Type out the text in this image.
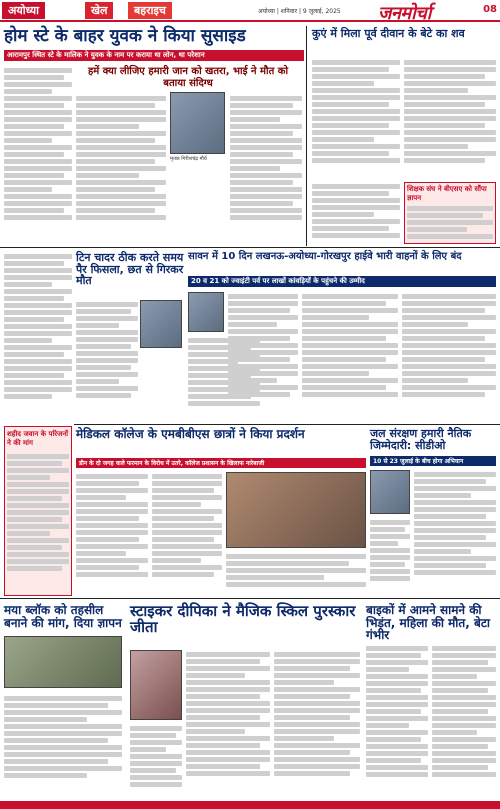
अयोध्या	खेल	बहराइच	अयोध्या | शनिवार | 9 जुलाई, 2025 जनमोर्चा	08
होम स्टे के बाहर युवक ने किया सुसाइड
आरामपुर स्थित स्टे के मालिक ने युवक के नाम पर कराया था लोन, था परेशान
हमें क्या लीजिए हमारी जान को खतरा, भाई ने मौत को बताया संदिग्ध
मृतक गिरीशचंद्र मौर्य
कुएं में मिला पूर्व दीवान के बेटे का शव
शिक्षक संघ ने बीएसए को सौंपा ज्ञापन
टिन चादर ठीक करते समय पैर फिसला, छत से गिरकर मौत
सावन में 10 दिन लखनऊ-अयोध्या-गोरखपुर हाईवे भारी वाहनों के लिए बंद
20 व 21 को ज्वाइंटी पर्व पर लाखों कांवड़ियों के पहुंचने की उम्मीद
मेडिकल कॉलेज के एमबीबीएस छात्रों ने किया प्रदर्शन
डीन के दो जगह वाले फरमान के विरोध में उतरे, कॉलेज प्रशासन के खिलाफ नारेबाजी
जल संरक्षण हमारी नैतिक जिम्मेदारी: सीडीओ
10 से 23 जुलाई के बीच होगा अभियान
शहीद जवान के परिजनों ने की मांग
मया ब्लॉक को तहसील बनाने की मांग, दिया ज्ञापन
स्टाइकर दीपिका ने मैजिक स्किल पुरस्कार जीता
बाइकों में आमने सामने की भिड़ंत, महिला की मौत, बेटा गंभीर
